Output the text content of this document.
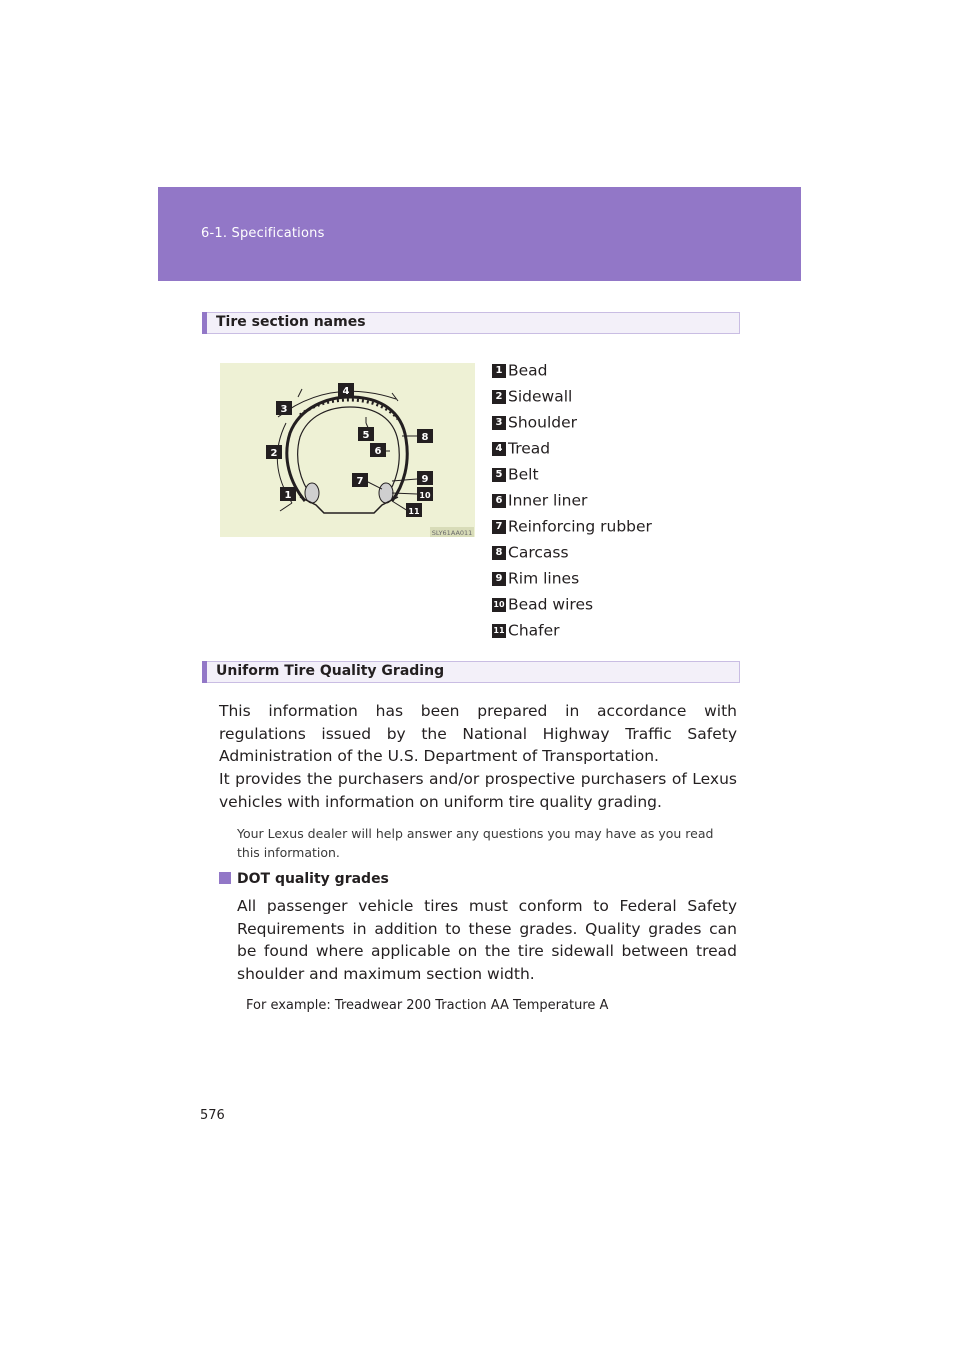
6-1. Specifications
Tire section names
4
3
5	8
6
2
9
7
10
1
11
SLY61AA011
1 Bead
2 Sidewall
3 Shoulder
4 Tread
5 Belt
6 Inner liner
7 Reinforcing rubber
8 Carcass
9 Rim lines
10 Bead wires
11 Chafer
Uniform Tire Quality Grading

This information has been prepared in accordance with regulations issued by the National Highway Traffic Safety Administration of the U.S. Department of Transportation.

It provides the purchasers and/or prospective purchasers of Lexus vehicles with information on uniform tire quality grading.

Your Lexus dealer will help answer any questions you may have as you read this information.

DOT quality grades

All passenger vehicle tires must conform to Federal Safety Requirements in addition to these grades. Quality grades can be found where applicable on the tire sidewall between tread shoulder and maximum section width.

For example: Treadwear 200 Traction AA Temperature A

576
